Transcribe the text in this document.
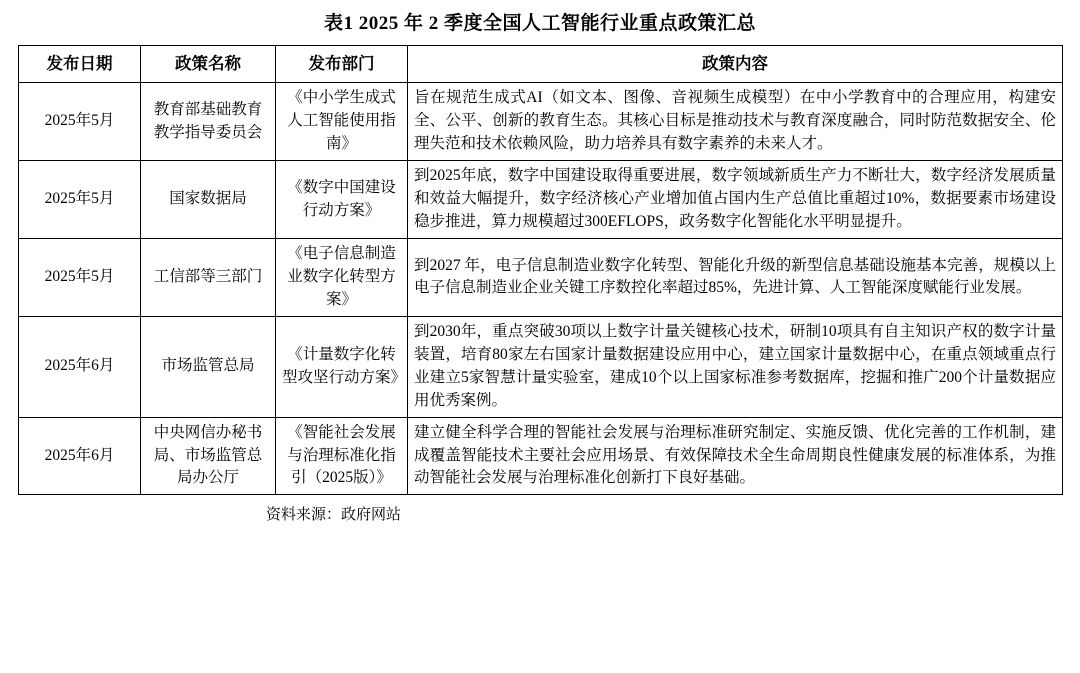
表1 2025 年 2 季度全国人工智能行业重点政策汇总
发布日期	政策名称	发布部门	政策内容
2025年5月	教育部基础教育教学指导委员会	《中小学生成式人工智能使用指南》	旨在规范生成式AI（如文本、图像、音视频生成模型）在中小学教育中的合理应用，构建安全、公平、创新的教育生态。其核心目标是推动技术与教育深度融合，同时防范数据安全、伦理失范和技术依赖风险，助力培养具有数字素养的未来人才。
2025年5月	国家数据局	《数字中国建设行动方案》	到2025年底，数字中国建设取得重要进展，数字领域新质生产力不断壮大，数字经济发展质量和效益大幅提升，数字经济核心产业增加值占国内生产总值比重超过10%，数据要素市场建设稳步推进，算力规模超过300EFLOPS，政务数字化智能化水平明显提升。
2025年5月	工信部等三部门	《电子信息制造业数字化转型方案》	到2027 年，电子信息制造业数字化转型、智能化升级的新型信息基础设施基本完善，规模以上电子信息制造业企业关键工序数控化率超过85%，先进计算、人工智能深度赋能行业发展。
2025年6月	市场监管总局	《计量数字化转型攻坚行动方案》	到2030年，重点突破30项以上数字计量关键核心技术，研制10项具有自主知识产权的数字计量装置，培育80家左右国家计量数据建设应用中心，建立国家计量数据中心，在重点领域重点行业建立5家智慧计量实验室，建成10个以上国家标准参考数据库，挖掘和推广200个计量数据应用优秀案例。
2025年6月	中央网信办秘书局、市场监管总局办公厅	《智能社会发展与治理标准化指引（2025版）》	建立健全科学合理的智能社会发展与治理标准研究制定、实施反馈、优化完善的工作机制，建成覆盖智能技术主要社会应用场景、有效保障技术全生命周期良性健康发展的标准体系，为推动智能社会发展与治理标准化创新打下良好基础。
资料来源：政府网站
